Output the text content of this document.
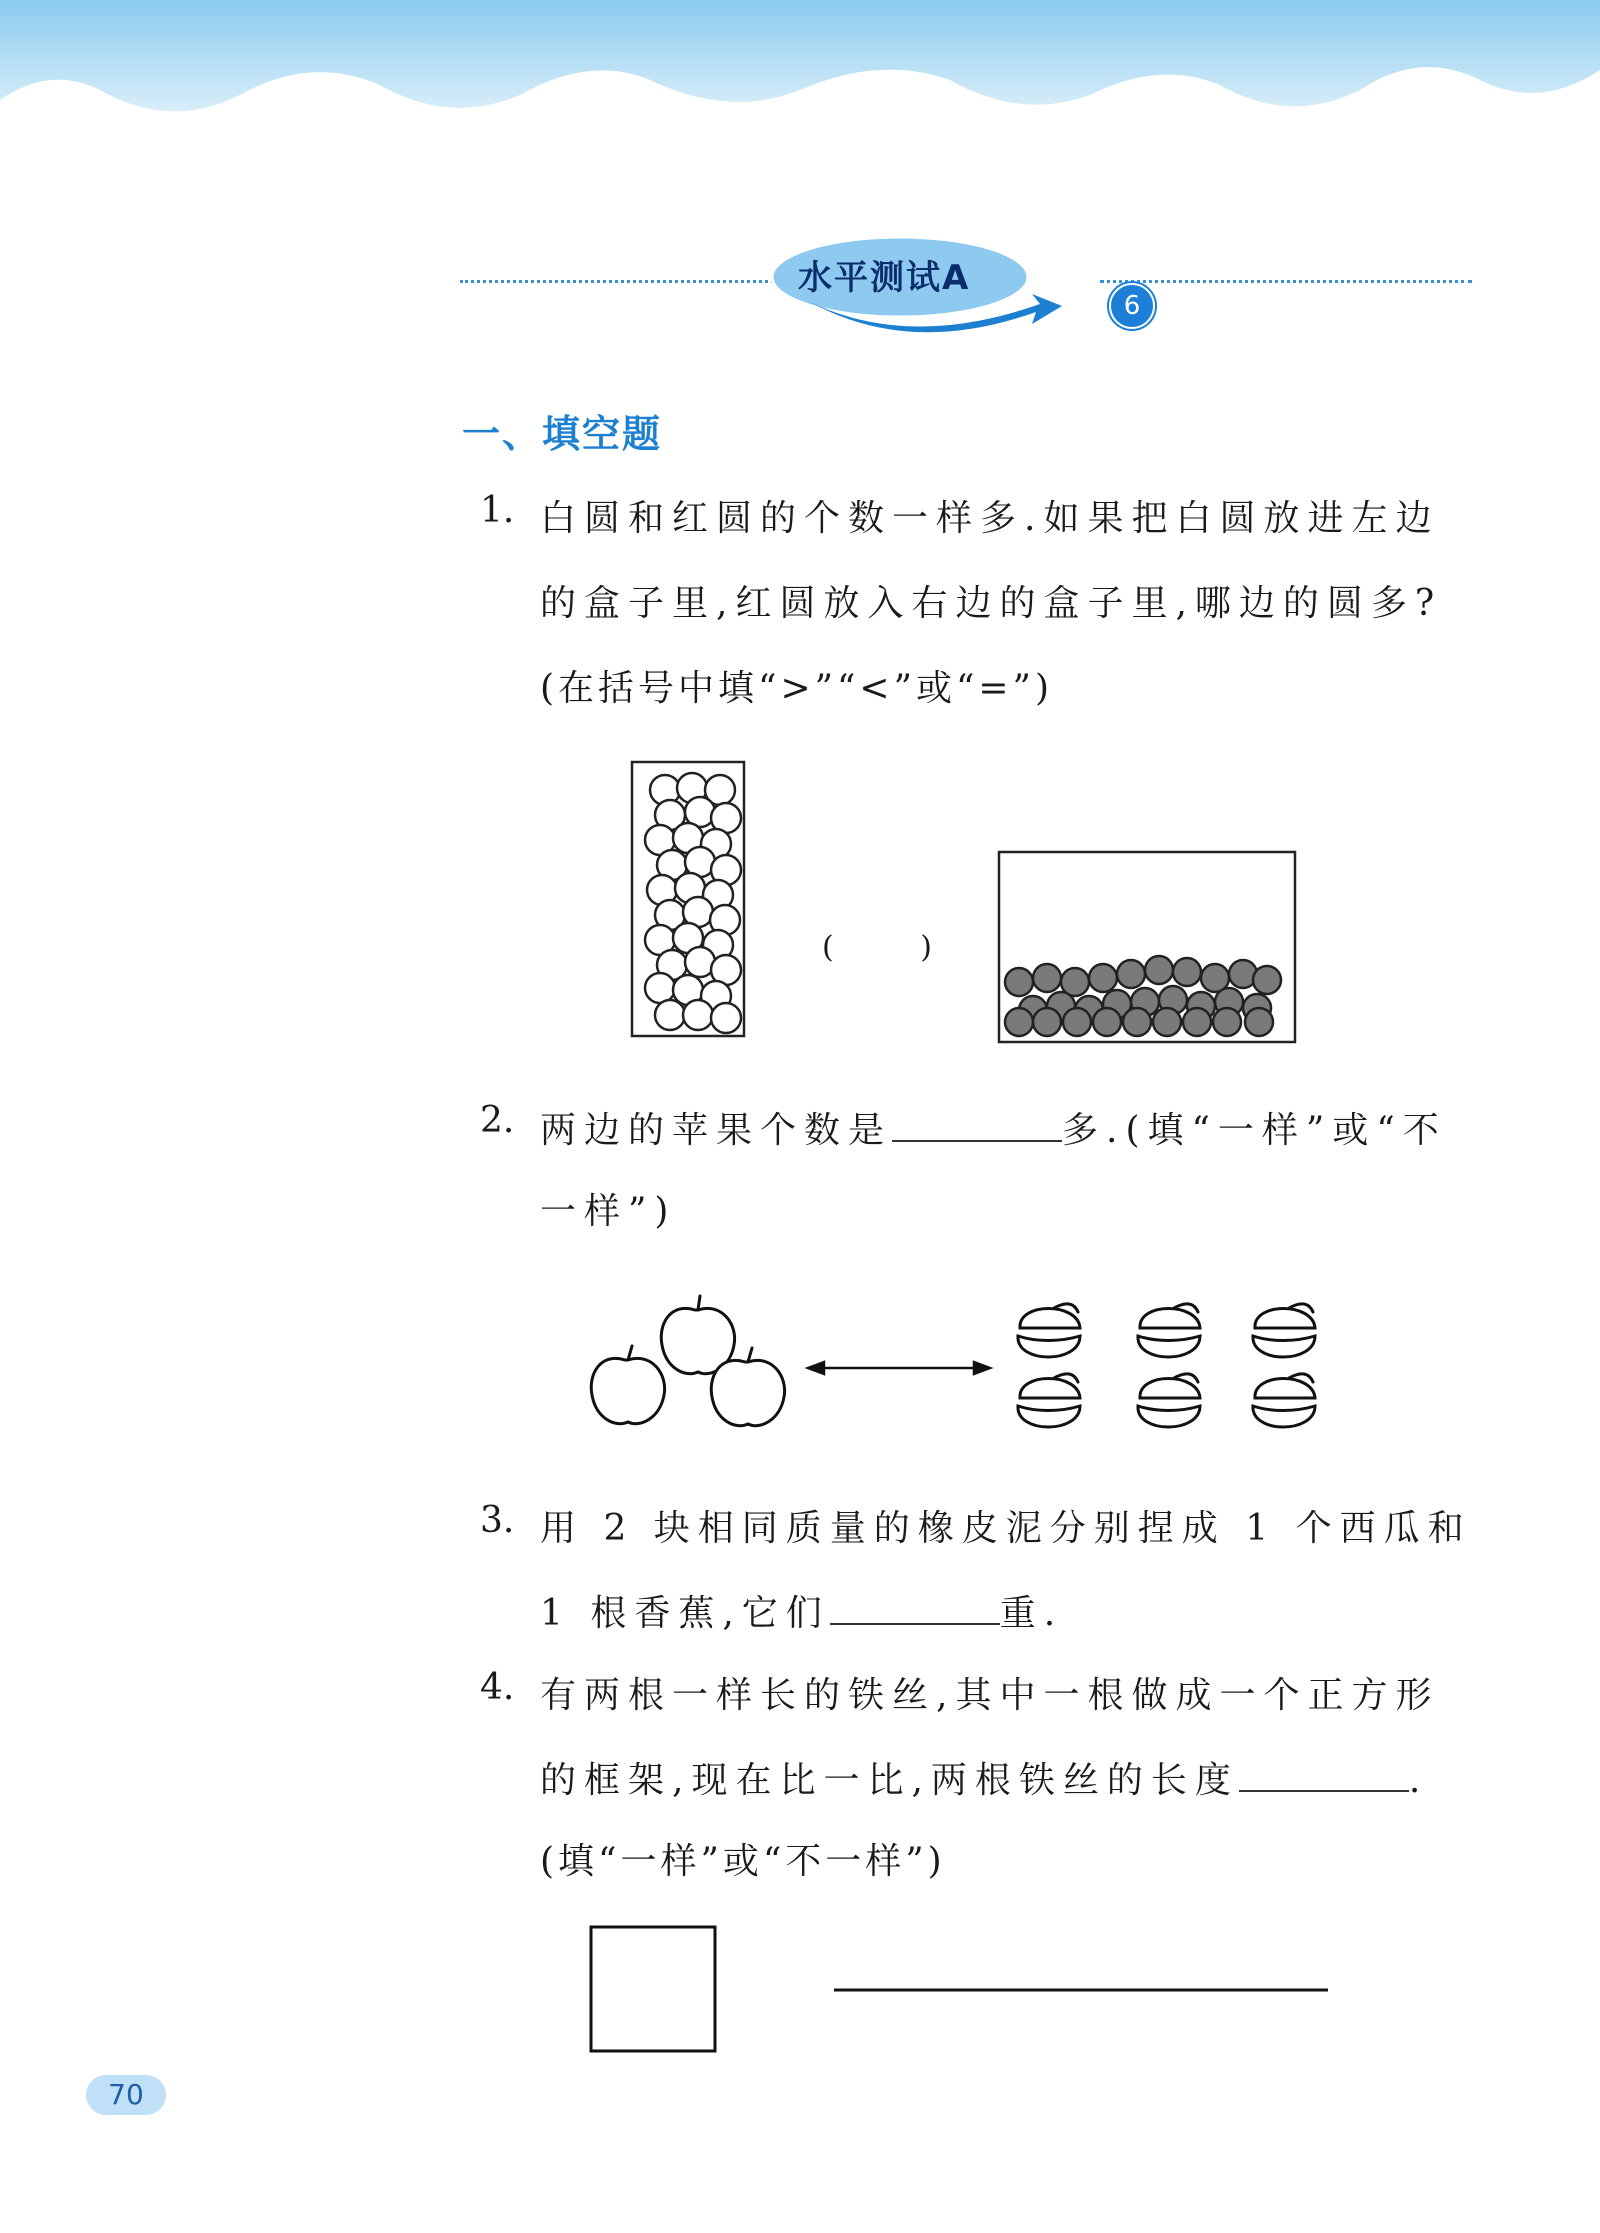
水平测试A
6
一、填空题
1. 白圆和红圆的个数一样多.如果把白圆放进左边
的盒子里,红圆放入右边的盒子里,哪边的圆多?
(在括号中填“>”“<”或“=”)
(	)
2. 两边的苹果个数是	多.(填“一样”或“不
一样”)
3. 用 2 块相同质量的橡皮泥分别捏成 1 个西瓜和
1 根香蕉,它们	重.
4. 有两根一样长的铁丝,其中一根做成一个正方形
的框架,现在比一比,两根铁丝的长度	.
(填“一样”或“不一样”)
70
